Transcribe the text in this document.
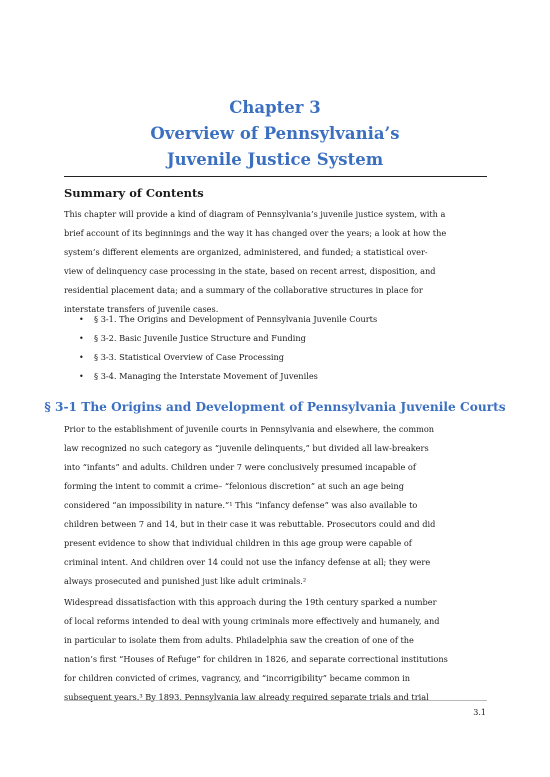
Chapter 3
Overview of Pennsylvania’s
Juvenile Justice System
Summary of Contents
This chapter will provide a kind of diagram of Pennsylvania’s juvenile justice system, with a
brief account of its beginnings and the way it has changed over the years; a look at how the
system’s different elements are organized, administered, and funded; a statistical over-
view of delinquency case processing in the state, based on recent arrest, disposition, and
residential placement data; and a summary of the collaborative structures in place for
interstate transfers of juvenile cases.
• § 3-1. The Origins and Development of Pennsylvania Juvenile Courts
• § 3-2. Basic Juvenile Justice Structure and Funding
• § 3-3. Statistical Overview of Case Processing
• § 3-4. Managing the Interstate Movement of Juveniles
§ 3-1 The Origins and Development of Pennsylvania Juvenile Courts
Prior to the establishment of juvenile courts in Pennsylvania and elsewhere, the common
law recognized no such category as “juvenile delinquents,” but divided all law-breakers
into “infants” and adults. Children under 7 were conclusively presumed incapable of
forming the intent to commit a crime– “felonious discretion” at such an age being
considered “an impossibility in nature.”¹ This “infancy defense” was also available to
children between 7 and 14, but in their case it was rebuttable. Prosecutors could and did
present evidence to show that individual children in this age group were capable of
criminal intent. And children over 14 could not use the infancy defense at all; they were
always prosecuted and punished just like adult criminals.²
Widespread dissatisfaction with this approach during the 19th century sparked a number
of local reforms intended to deal with young criminals more effectively and humanely, and
in particular to isolate them from adults. Philadelphia saw the creation of one of the
nation’s first “Houses of Refuge” for children in 1826, and separate correctional institutions
for children convicted of crimes, vagrancy, and “incorrigibility” became common in
subsequent years.³ By 1893, Pennsylvania law already required separate trials and trial
3.1
